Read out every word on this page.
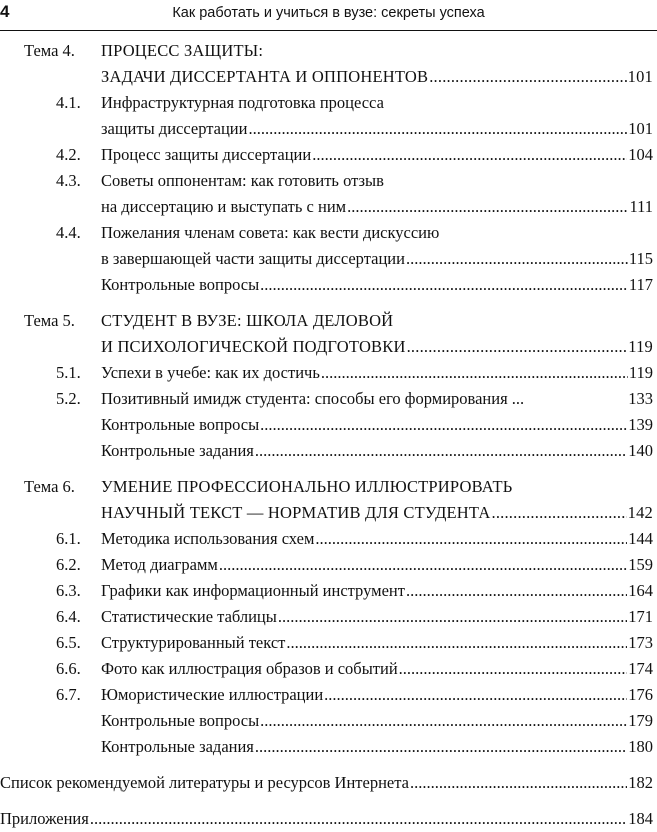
4	Как работать и учиться в вузе: секреты успеха
Тема 4. ПРОЦЕСС ЗАЩИТЫ:
ЗАДАЧИ ДИССЕРТАНТА И ОППОНЕНТОВ .....	101
4.1. Инфраструктурная подготовка процесса
защиты диссертации .....	101
4.2. Процесс защиты диссертации .....	104
4.3. Советы оппонентам: как готовить отзыв
на диссертацию и выступать с ним .....	111
4.4. Пожелания членам совета: как вести дискуссию
в завершающей части защиты диссертации .....	115
Контрольные вопросы .....	117
Тема 5. СТУДЕНТ В ВУЗЕ: ШКОЛА ДЕЛОВОЙ
И ПСИХОЛОГИЧЕСКОЙ ПОДГОТОВКИ .....	119
5.1. Успехи в учебе: как их достичь .....	119
5.2. Позитивный имидж студента: способы его формирования ...	133
Контрольные вопросы .....	139
Контрольные задания .....	140
Тема 6. УМЕНИЕ ПРОФЕССИОНАЛЬНО ИЛЛЮСТРИРОВАТЬ
НАУЧНЫЙ ТЕКСТ — НОРМАТИВ ДЛЯ СТУДЕНТА .....	142
6.1. Методика использования схем .....	144
6.2. Метод диаграмм .....	159
6.3. Графики как информационный инструмент .....	164
6.4. Статистические таблицы .....	171
6.5. Структурированный текст .....	173
6.6. Фото как иллюстрация образов и событий .....	174
6.7. Юмористические иллюстрации .....	176
Контрольные вопросы .....	179
Контрольные задания .....	180
Список рекомендуемой литературы и ресурсов Интернета .....	182
Приложения .....	184
